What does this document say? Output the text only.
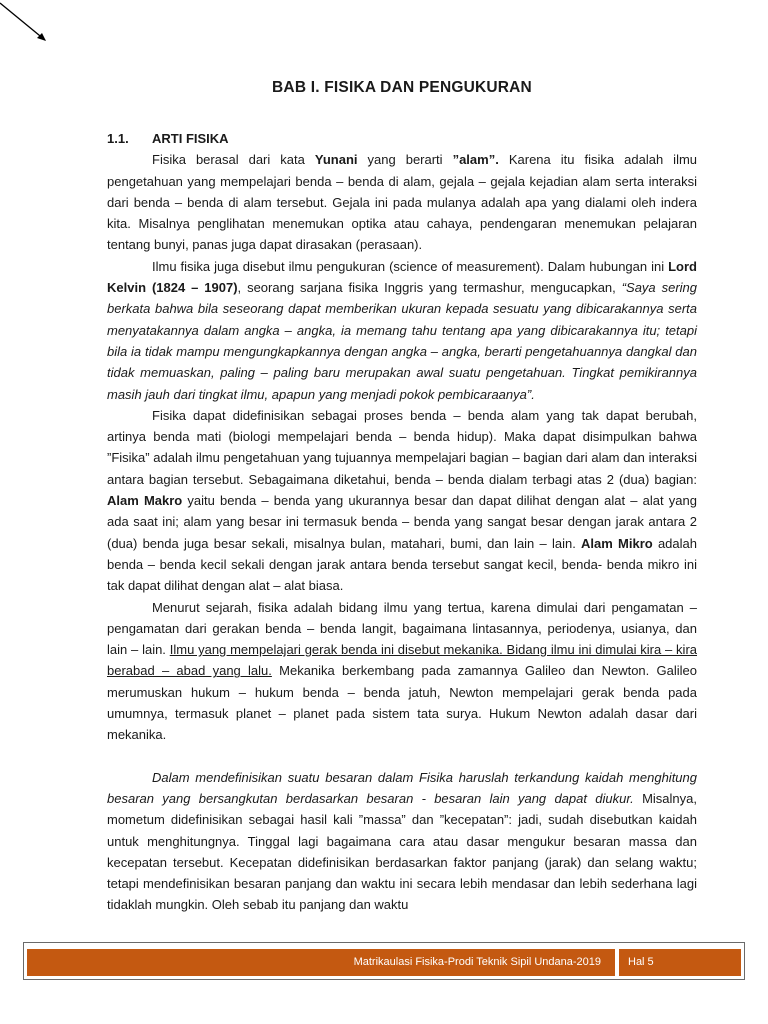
BAB I. FISIKA DAN PENGUKURAN
1.1. ARTI FISIKA

Fisika berasal dari kata Yunani yang berarti ”alam”. Karena itu fisika adalah ilmu pengetahuan yang mempelajari benda – benda di alam, gejala – gejala kejadian alam serta interaksi dari benda – benda di alam tersebut. Gejala ini pada mulanya adalah apa yang dialami oleh indera kita. Misalnya penglihatan menemukan optika atau cahaya, pendengaran menemukan pelajaran tentang bunyi, panas juga dapat dirasakan (perasaan).

Ilmu fisika juga disebut ilmu pengukuran (science of measurement). Dalam hubungan ini Lord Kelvin (1824 – 1907), seorang sarjana fisika Inggris yang termashur, mengucapkan, “Saya sering berkata bahwa bila seseorang dapat memberikan ukuran kepada sesuatu yang dibicarakannya serta menyatakannya dalam angka – angka, ia memang tahu tentang apa yang dibicarakannya itu; tetapi bila ia tidak mampu mengungkapkannya dengan angka – angka, berarti pengetahuannya dangkal dan tidak memuaskan, paling – paling baru merupakan awal suatu pengetahuan. Tingkat pemikirannya masih jauh dari tingkat ilmu, apapun yang menjadi pokok pembicaraanya”.

Fisika dapat didefinisikan sebagai proses benda – benda alam yang tak dapat berubah, artinya benda mati (biologi mempelajari benda – benda hidup). Maka dapat disimpulkan bahwa ”Fisika” adalah ilmu pengetahuan yang tujuannya mempelajari bagian – bagian dari alam dan interaksi antara bagian tersebut. Sebagaimana diketahui, benda – benda dialam terbagi atas 2 (dua) bagian: Alam Makro yaitu benda – benda yang ukurannya besar dan dapat dilihat dengan alat – alat yang ada saat ini; alam yang besar ini termasuk benda – benda yang sangat besar dengan jarak antara 2 (dua) benda juga besar sekali, misalnya bulan, matahari, bumi, dan lain – lain. Alam Mikro adalah benda – benda kecil sekali dengan jarak antara benda tersebut sangat kecil, benda- benda mikro ini tak dapat dilihat dengan alat – alat biasa.

Menurut sejarah, fisika adalah bidang ilmu yang tertua, karena dimulai dari pengamatan – pengamatan dari gerakan benda – benda langit, bagaimana lintasannya, periodenya, usianya, dan lain – lain. Ilmu yang mempelajari gerak benda ini disebut mekanika. Bidang ilmu ini dimulai kira – kira berabad – abad yang lalu. Mekanika berkembang pada zamannya Galileo dan Newton. Galileo merumuskan hukum – hukum benda – benda jatuh, Newton mempelajari gerak benda pada umumnya, termasuk planet – planet pada sistem tata surya. Hukum Newton adalah dasar dari mekanika.

Dalam mendefinisikan suatu besaran dalam Fisika haruslah terkandung kaidah menghitung besaran yang bersangkutan berdasarkan besaran - besaran lain yang dapat diukur. Misalnya, mometum didefinisikan sebagai hasil kali ”massa” dan ”kecepatan”: jadi, sudah disebutkan kaidah untuk menghitungnya. Tinggal lagi bagaimana cara atau dasar mengukur besaran massa dan kecepatan tersebut. Kecepatan didefinisikan berdasarkan faktor panjang (jarak) dan selang waktu; tetapi mendefinisikan besaran panjang dan waktu ini secara lebih mendasar dan lebih sederhana lagi tidaklah mungkin. Oleh sebab itu panjang dan waktu

Matrikaulasi Fisika-Prodi Teknik Sipil Undana-2019 Hal 5
